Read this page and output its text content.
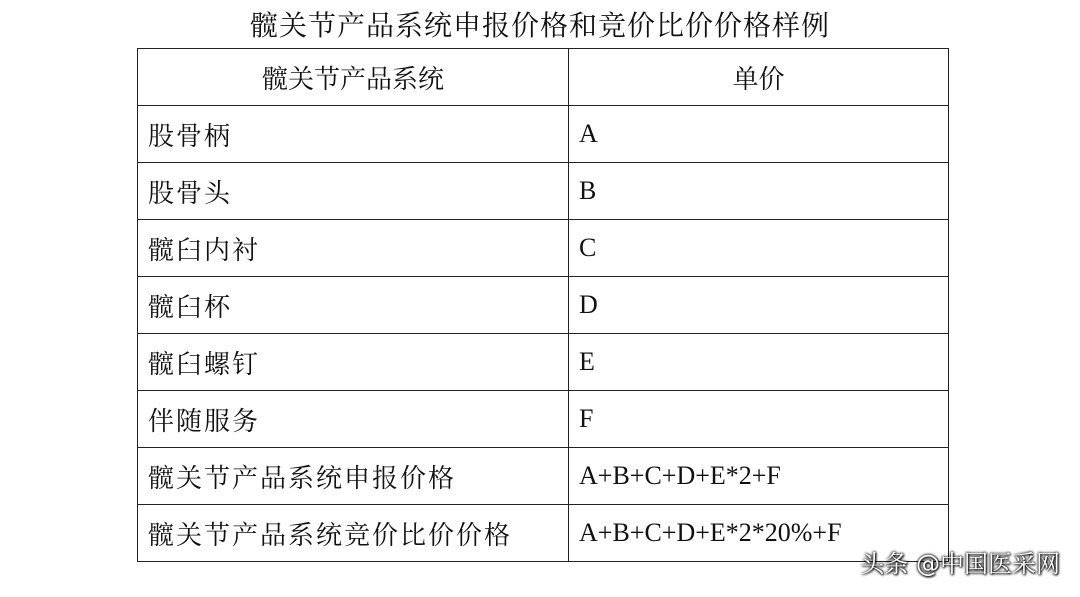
髋关节产品系统申报价格和竞价比价价格样例
髋关节产品系统	单价
股骨柄	A
股骨头	B
髋臼内衬	C
髋臼杯	D
髋臼螺钉	E
伴随服务	F
髋关节产品系统申报价格	A+B+C+D+E*2+F
髋关节产品系统竞价比价价格	A+B+C+D+E*2*20%+F
头条 @中国医采网
